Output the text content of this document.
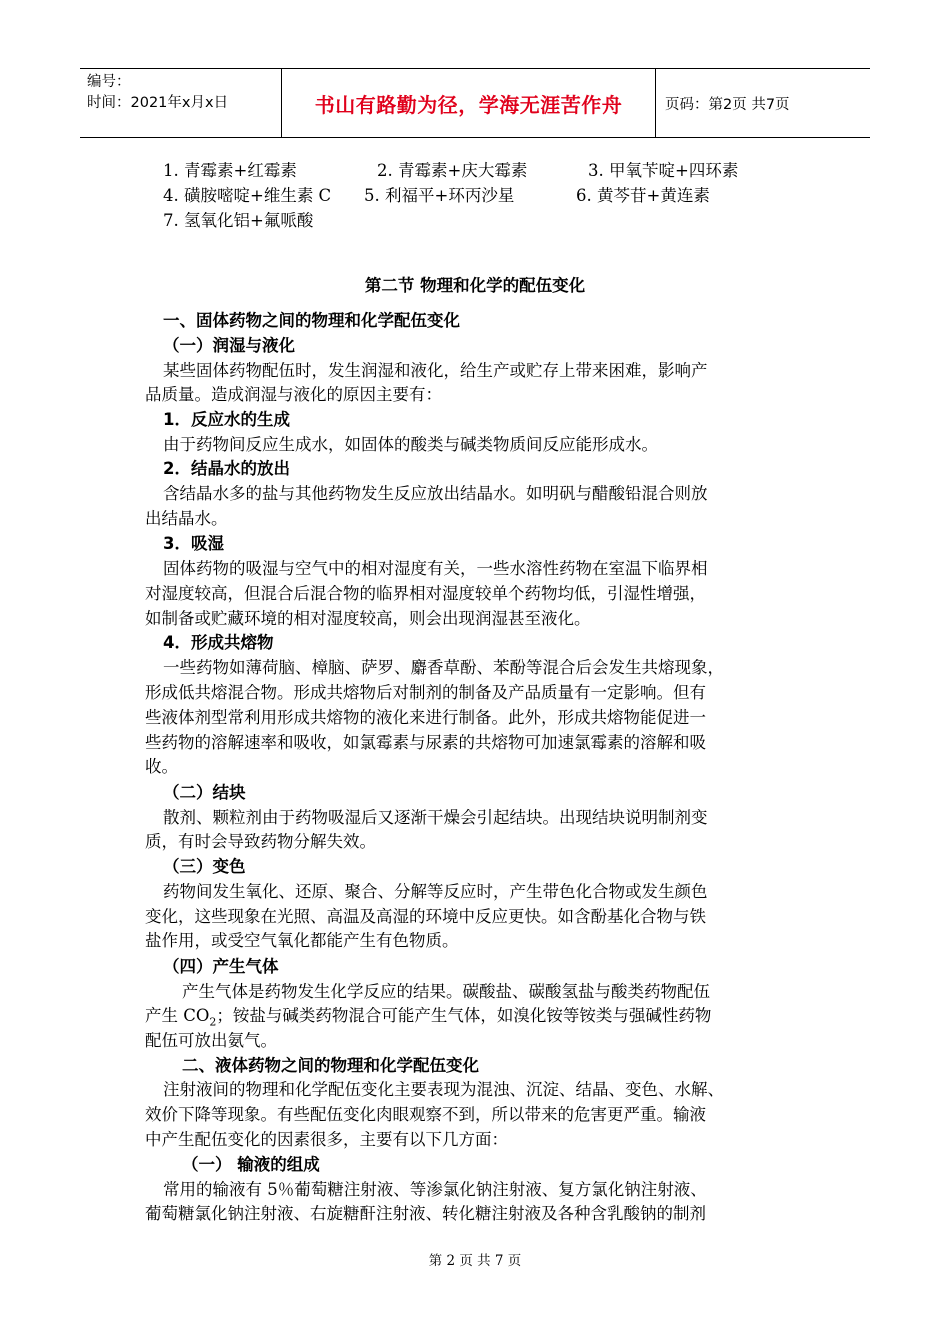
编号：
时间：2021年x月x日	书山有路勤为径，学海无涯苦作舟	页码：第2页 共7页
1. 青霉素+红霉素	2. 青霉素+庆大霉素	3. 甲氧苄啶+四环素
4. 磺胺嘧啶+维生素 C 5. 利福平+环丙沙星	6. 黄芩苷+黄连素
7. 氢氧化铝+氟哌酸
第二节 物理和化学的配伍变化
一、固体药物之间的物理和化学配伍变化
（一）润湿与液化
某些固体药物配伍时，发生润湿和液化，给生产或贮存上带来困难，影响产
品质量。造成润湿与液化的原因主要有：
1．反应水的生成
由于药物间反应生成水，如固体的酸类与碱类物质间反应能形成水。
2．结晶水的放出
含结晶水多的盐与其他药物发生反应放出结晶水。如明矾与醋酸铅混合则放
出结晶水。
3．吸湿
固体药物的吸湿与空气中的相对湿度有关，一些水溶性药物在室温下临界相
对湿度较高，但混合后混合物的临界相对湿度较单个药物均低，引湿性增强，
如制备或贮藏环境的相对湿度较高，则会出现润湿甚至液化。
4．形成共熔物
一些药物如薄荷脑、樟脑、萨罗、麝香草酚、苯酚等混合后会发生共熔现象，
形成低共熔混合物。形成共熔物后对制剂的制备及产品质量有一定影响。但有
些液体剂型常利用形成共熔物的液化来进行制备。此外，形成共熔物能促进一
些药物的溶解速率和吸收，如氯霉素与尿素的共熔物可加速氯霉素的溶解和吸
收。
（二）结块
散剂、颗粒剂由于药物吸湿后又逐渐干燥会引起结块。出现结块说明制剂变
质，有时会导致药物分解失效。
（三）变色
药物间发生氧化、还原、聚合、分解等反应时，产生带色化合物或发生颜色
变化，这些现象在光照、高温及高湿的环境中反应更快。如含酚基化合物与铁
盐作用，或受空气氧化都能产生有色物质。
（四）产生气体
产生气体是药物发生化学反应的结果。碳酸盐、碳酸氢盐与酸类药物配伍
产生 $CO_2$；铵盐与碱类药物混合可能产生气体，如溴化铵等铵类与强碱性药物
配伍可放出氨气。
二、液体药物之间的物理和化学配伍变化
注射液间的物理和化学配伍变化主要表现为混浊、沉淀、结晶、变色、水解、
效价下降等现象。有些配伍变化肉眼观察不到，所以带来的危害更严重。输液
中产生配伍变化的因素很多，主要有以下几方面：
（一） 输液的组成
常用的输液有 5％葡萄糖注射液、等渗氯化钠注射液、复方氯化钠注射液、
葡萄糖氯化钠注射液、右旋糖酐注射液、转化糖注射液及各种含乳酸钠的制剂
第 2 页 共 7 页
